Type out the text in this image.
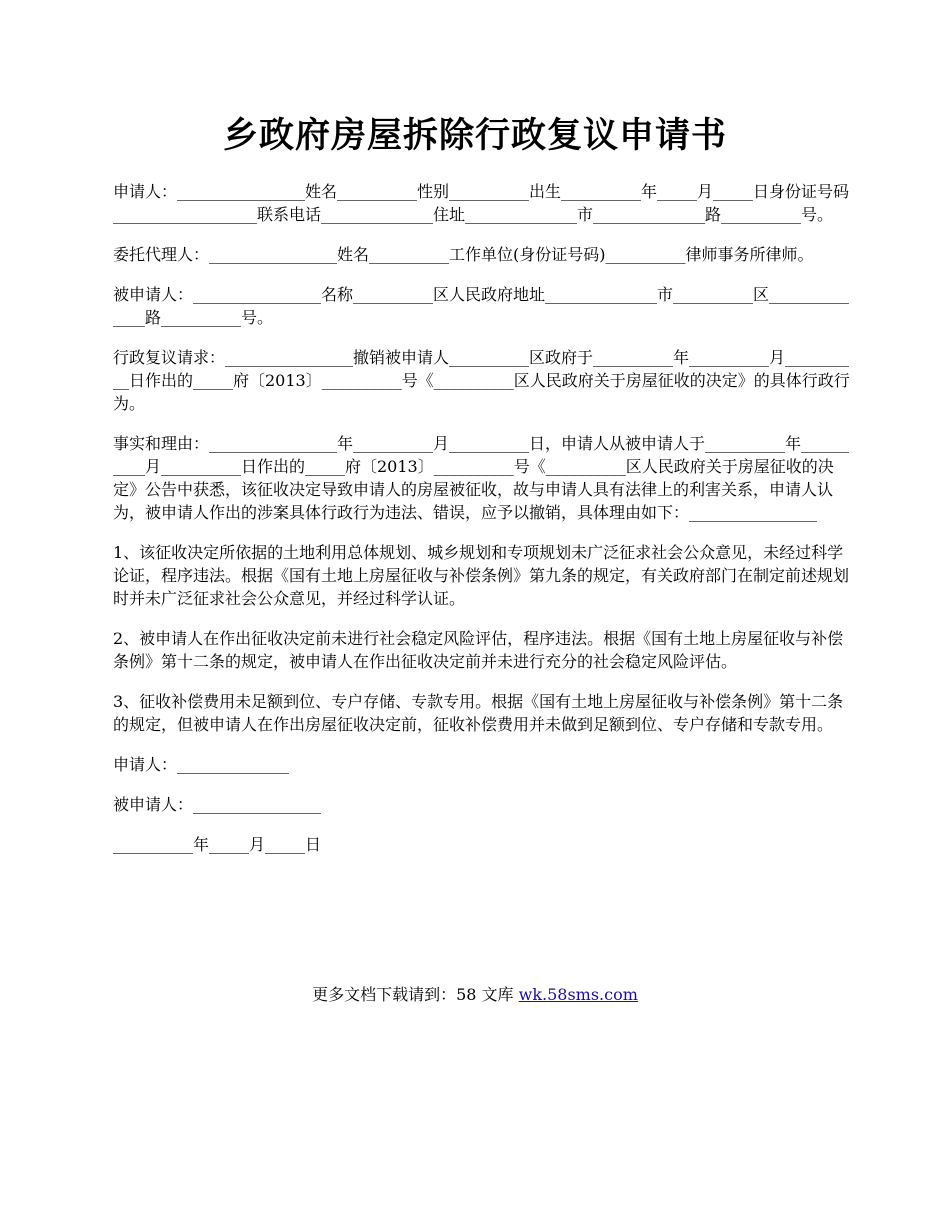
乡政府房屋拆除行政复议申请书

申请人：________________姓名__________性别__________出生__________年_____月_____日身份证号码__________________联系电话______________住址______________市______________路__________号。

委托代理人：________________姓名__________工作单位(身份证号码)__________律师事务所律师。

被申请人：________________名称__________区人民政府地址______________市__________区______________路__________号。

行政复议请求：________________撤销被申请人__________区政府于__________年__________月__________日作出的_____府〔2013〕__________号《__________区人民政府关于房屋征收的决定》的具体行政行为。

事实和理由：________________年__________月__________日，申请人从被申请人于__________年__________月__________日作出的_____府〔2013〕__________号《__________区人民政府关于房屋征收的决定》公告中获悉，该征收决定导致申请人的房屋被征收，故与申请人具有法律上的利害关系，申请人认为，被申请人作出的涉案具体行政行为违法、错误，应予以撤销，具体理由如下：________________

1、该征收决定所依据的土地利用总体规划、城乡规划和专项规划未广泛征求社会公众意见，未经过科学论证，程序违法。根据《国有土地上房屋征收与补偿条例》第九条的规定，有关政府部门在制定前述规划时并未广泛征求社会公众意见，并经过科学认证。

2、被申请人在作出征收决定前未进行社会稳定风险评估，程序违法。根据《国有土地上房屋征收与补偿条例》第十二条的规定，被申请人在作出征收决定前并未进行充分的社会稳定风险评估。

3、征收补偿费用未足额到位、专户存储、专款专用。根据《国有土地上房屋征收与补偿条例》第十二条的规定，但被申请人在作出房屋征收决定前，征收补偿费用并未做到足额到位、专户存储和专款专用。

申请人：______________

被申请人：________________

__________年_____月_____日

更多文档下载请到：58 文库 wk.58sms.com
